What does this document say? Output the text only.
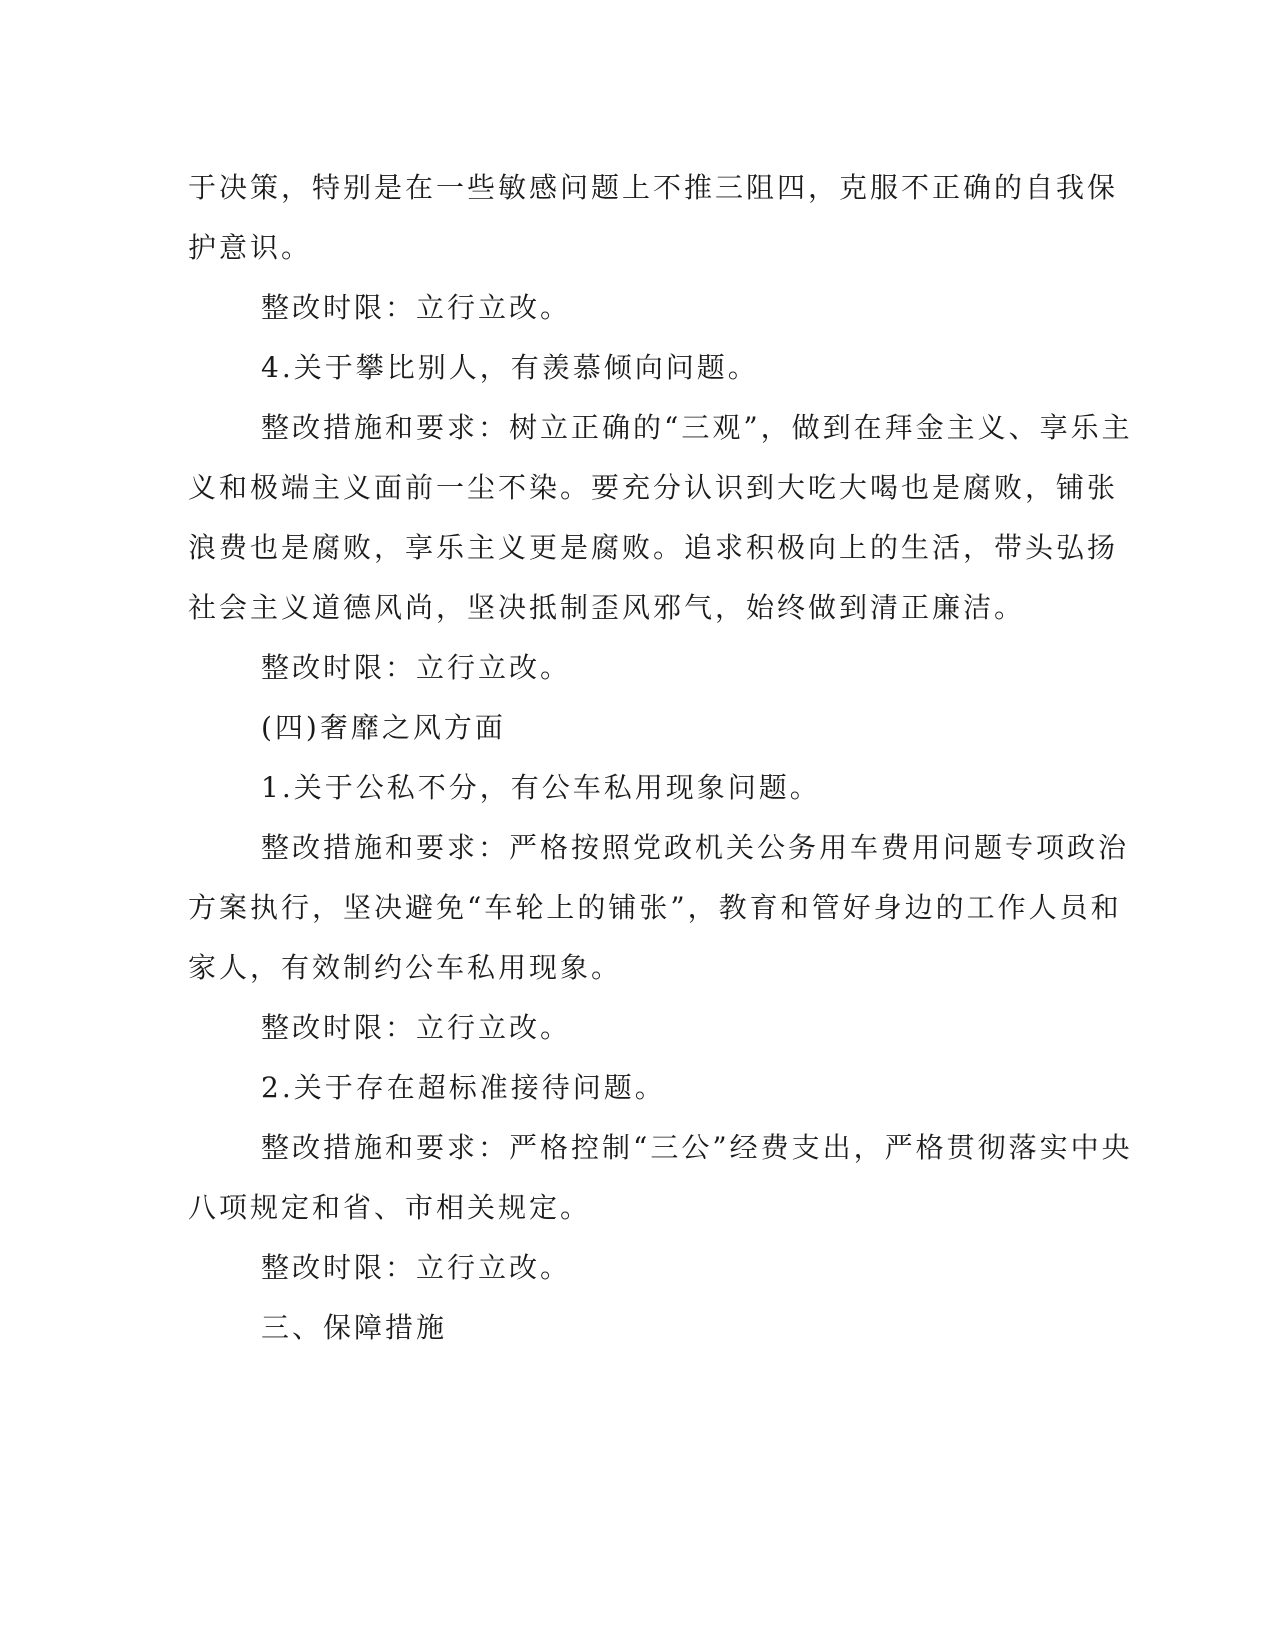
于决策，特别是在一些敏感问题上不推三阻四，克服不正确的自我保
护意识。
整改时限：立行立改。
4.关于攀比别人，有羡慕倾向问题。
整改措施和要求：树立正确的“三观”，做到在拜金主义、享乐主
义和极端主义面前一尘不染。要充分认识到大吃大喝也是腐败，铺张
浪费也是腐败，享乐主义更是腐败。追求积极向上的生活，带头弘扬
社会主义道德风尚，坚决抵制歪风邪气，始终做到清正廉洁。
整改时限：立行立改。
(四)奢靡之风方面
1.关于公私不分，有公车私用现象问题。
整改措施和要求：严格按照党政机关公务用车费用问题专项政治
方案执行，坚决避免“车轮上的铺张”，教育和管好身边的工作人员和
家人，有效制约公车私用现象。
整改时限：立行立改。
2.关于存在超标准接待问题。
整改措施和要求：严格控制“三公”经费支出，严格贯彻落实中央
八项规定和省、市相关规定。
整改时限：立行立改。
三、保障措施
